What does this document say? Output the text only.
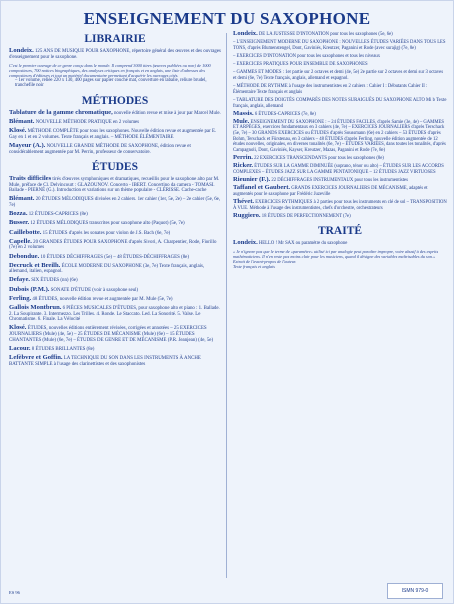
ENSEIGNEMENT DU SAXOPHONE
LIBRAIRIE
Londeix. 125 ANS DE MUSIQUE POUR SAXOPHONE, répertoire général des œuvres et des ouvrages d'enseignement pour le saxophone.
C'est le premier ouvrage de ce genre conçu dans le monde. Il comprend 3000 titres (œuvres publiées ou non) de 1000 compositeurs, 700 notices biographiques, des analyses critiques en français et en anglais, une liste d'adresses des compositeurs d'éditeurs et tout un matériel documentaire permettant d'acquérir les ouvrages cités.
– 1er volume, reliée 220 x 130, 400 pages sur papier couché mat, couverture en labalie, reliure brudel, tranchefile noir
MÉTHODES
Tablature de la gamme chromatique, nouvelle édition revue et mise à jour par Marcel Mule.
Blémant. NOUVELLE MÉTHODE PRATIQUE en 2 volumes
Klosé. MÉTHODE COMPLÈTE pour tous les saxophones. Nouvelle édition revue et augmentée par E. Gay en 1 et en 2 volumes. Texte français et anglais. – MÉTHODE ÉLÉMENTAIRE
Mayeur (A.). NOUVELLE GRANDE MÉTHODE DE SAXOPHONE, édition revue et considérablement augmentée par M. Perrin, professeur de conservatoire.
ÉTUDES
Traits difficiles tirés d'œuvres symphoniques et dramatiques, recueillis pour le saxophone alto par M. Mule, préface de Cl. Delvincourt : GLAZOUNOV. Concerto - IBERT. Concertino da camera - TOMASI. Ballade - PIERNÉ (G.). Introduction et variations sur un thème populaire - CLÉRISSE. Cache-cache
Blémant. 20 ÉTUDES MÉLODIQUES divisées en 2 cahiers. 1er cahier (1er, 5e, 2e) – 2e cahier (5e, 6e, 7e)
Bozza. 12 ÉTUDES-CAPRICES (8e)
Busser. 12 ÉTUDES MÉLODIQUES transcrites pour saxophone alto (Paquot) (5e, 7e)
Caillebotte. 15 ÉTUDES d'après les sonates pour violon de J.S. Bach (6e, 7e)
Capelle. 20 GRANDES ÉTUDES POUR SAXOPHONE d'après Sivori, A. Charpentier, Rode, Fiorillo (7e) en 2 volumes
Debondue. 10 ÉTUDES DÉCHIFFRAGES (5e) – 48 ÉTUDES-DÉCHIFFRAGES (8e)
Decruck et Breilh. ÉCOLE MODERNE DU SAXOPHONE (3e, 7e) Texte français, anglais, allemand, italien, espagnol.
Defaye. SIX ÉTUDES (nn) (6e)
Dubois (P.M.). SONATE D'ÉTUDE (voir à saxophone seul)
Ferling. 48 ÉTUDES, nouvelle édition revue et augmentée par M. Mule (5e, 7e)
Gallois Montbrun. 6 PIÈCES MUSICALES D'ÉTUDES, pour saxophone alto et piano : 1. Ballade. 2. La Soupirante. 3. Intermezzo. Les Trilles. 4. Ronde. Le Staccato. Led. La Sonorité. 5. Valse. Le Chromatisme. 6. Finale. La Vélocité
Klosé. ÉTUDES, nouvelles éditions entièrement révisées, corrigées et annotées – 25 EXERCICES JOURNALIERS (Mule) (4e, 5e) – 25 ÉTUDES DE MÉCANISME (Mule) (6e) – 15 ÉTUDES CHANTANTES (Mule) (6e, 7e) – ÉTUDES DE GENRE ET DE MÉCANISME (P.R. Jeanjean) (4e, 5e)
Lacour. 8 ÉTUDES BRILLANTES (8e)
Lefèbvre et Goffin. LA TECHNIQUE DU SON DANS LES INSTRUMENTS À ANCHE BATTANTE SIMPLE à l'usage des clarinettistes et des saxophonistes
Londeix. DE LA JUSTESSE D'INTONATION pour tous les saxophones (5e, 6e)
– L'ENSEIGNEMENT MODERNE DU SAXOPHONE : NOUVELLES ÉTUDES VARIÉES DANS TOUS LES TONS, d'après Blumenstengel, Dont, Gaviniés, Kreutzer, Paganini et Rode (avec surajig) (7e, 8e)
– EXERCICES D'INTONATION pour tous les saxophones et tous les niveaux
– EXERCICES PRATIQUES POUR ENSEMBLE DE SAXOPHONES
– GAMMES ET MODES : 1er partie sur 2 octaves et demi (4e, 5e) 2e partie sur 2 octaves et demi sur 3 octaves et demi (6e, 7e) Texte français, anglais, allemand et espagnol.
– MÉTHODE DE RYTHME à l'usage des instrumentistes en 2 cahiers : Cahier I : Débutants Cahier II : Élémentaire Texte français et anglais
– TABLATURE DES DOIGTÉS COMPARÉS DES NOTES SURAIGUËS DU SAXOPHONE ALTO Mi b Texte français, anglais, allemand
Massis. 6 ÉTUDES-CAPRICES (7e, 8e)
Mule. ENSEIGNEMENT DU SAXOPHONE : – 24 ÉTUDES FACILES, d'après Samie (3e, 4e) – GAMMES ET ARPÈGES, exercices fondamentaux en 3 cahiers (4e, 7e) – EXERCICES JOURNALIERS d'après Terschack (5e, 7e) – 30 GRANDS EXERCICES ou ÉTUDES d'après Soussmann (6e) en 2 cahiers – 53 ÉTUDES d'après Bohm, Terschack et Fürstenau, en 3 cahiers – 48 ÉTUDES d'après Ferling, nouvelle édition augmentée de 12 études nouvelles, originales, en diverses tonalités (6e, 7e) – ÉTUDES VARIÉES, dans toutes les tonalités, d'après Campagnoli, Dont, Gaviniés, Kayser, Kreutzer, Mazas, Paganini et Rode (7e, 8e)
Perrin. 22 EXERCICES TRANSCENDANTS pour tous les saxophones (8e)
Ricker. ÉTUDES SUR LA GAMME DIMINUÉE (soprano, ténor ou alto) – ÉTUDES SUR LES ACCORDS COMPLEXES – ÉTUDES JAZZ SUR LA GAMME PENTATONIQUE – 12 ÉTUDES JAZZ VIRTUOSES
Rieunier (F.). 22 DÉCHIFFRAGES INSTRUMENTAUX pour tous les instrumentistes
Taffanel et Gaubert. GRANDS EXERCICES JOURNALIERS DE MÉCANISME, adaptés et augmentés pour le saxophone par Frédéric Juzeville
Thévet. EXERCICES RYTHMIQUES à 2 parties pour tous les instruments en clé de sol – TRANSPOSITION À VUE. Méthode à l'usage des instrumentistes, chefs d'orchestre, orchestrateurs
Ruggiero. 18 ÉTUDES DE PERFECTIONNEMENT (7e)
TRAITÉ
Londeix. HELLO ! Mr SAX ou paramètre du saxophone
« Je n'ignore pas que le terme de «paramètre» utilisé ici par analogie peut paraître impropre, voire abusif à des esprits mathématiciens. Il n'en reste pas moins clair pour les musiciens, quand il désigne des variables maîtrisables du son.» Extrait de l'avant-propos de l'auteur.
Texte français et anglais
ES 96	ISMN 979-0
